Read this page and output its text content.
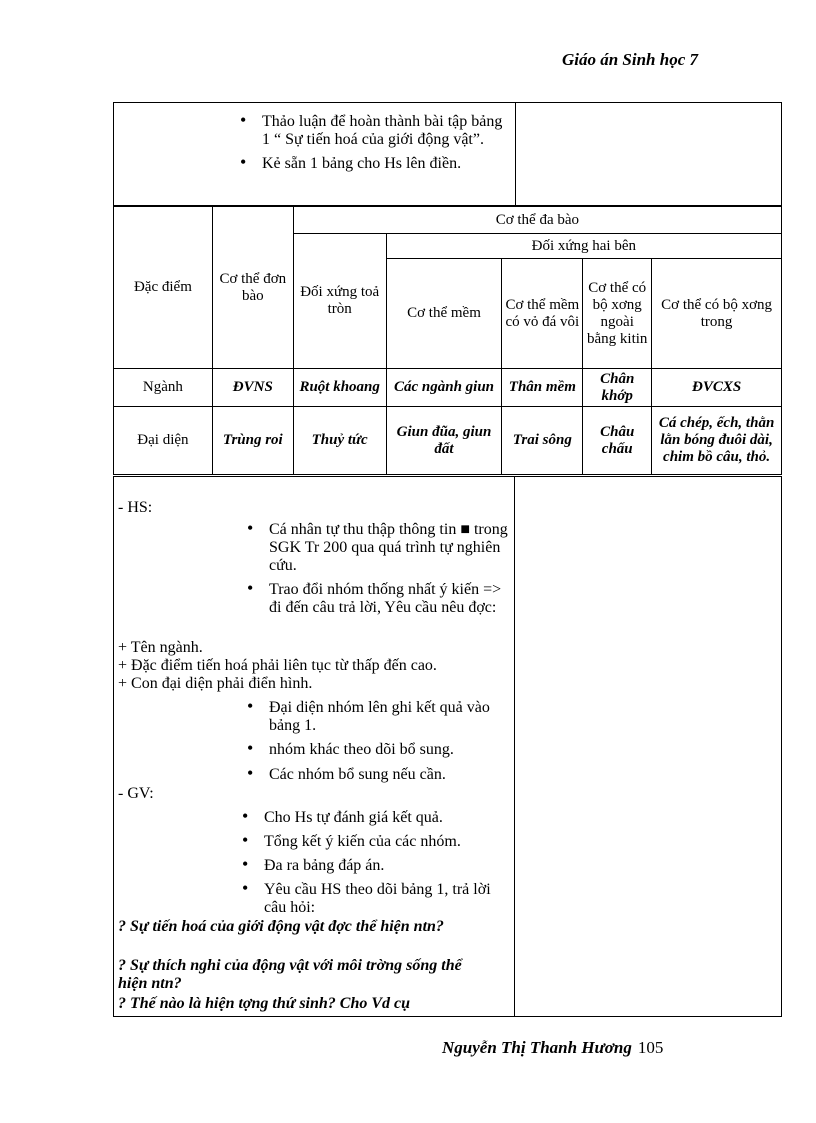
Giáo án Sinh học 7
• Thảo luận để hoàn thành bài tập bảng 1 “ Sự tiến hoá của giới động vật”.
• Kẻ sẵn 1 bảng cho Hs lên điền.
Đặc điểm	Cơ thể đơn bào	Cơ thể đa bào				
		Đối xứng toả tròn	Đối xứng hai bên			
			Cơ thể mềm	Cơ thể mềm có vỏ đá vôi	Cơ thể có bộ xơng ngoài bằng kitin	Cơ thể có bộ xơng trong

Ngành	ĐVNS	Ruột khoang	Các ngành giun	Thân mềm	Chân khớp	ĐVCXS
Đại diện	Trùng roi	Thuỷ tức	Giun đũa, giun đất	Trai sông	Châu chấu	Cá chép, ếch, thằn lằn bóng đuôi dài, chim bồ câu, thỏ.
- HS:
• Cá nhân tự thu thập thông tin ■ trong SGK Tr 200 qua quá trình tự nghiên cứu.
• Trao đổi nhóm thống nhất ý kiến => đi đến câu trả lời, Yêu cầu nêu đợc:
+ Tên ngành.
+ Đặc điểm tiến hoá phải liên tục từ thấp đến cao.
+ Con đại diện phải điển hình.
• Đại diện nhóm lên ghi kết quả vào bảng 1.
• nhóm khác theo dõi bổ sung.
• Các nhóm bổ sung nếu cần.
- GV:
• Cho Hs tự đánh giá kết quả.
• Tổng kết ý kiến của các nhóm.
• Đa ra bảng đáp án.
• Yêu cầu HS theo dõi bảng 1, trả lời câu hỏi:
? Sự tiến hoá của giới động vật đợc thể hiện ntn?
? Sự thích nghi của động vật với môi trờng sống thể hiện ntn?
? Thế nào là hiện tợng thứ sinh? Cho Vd cụ
Nguyễn Thị Thanh Hương 105
